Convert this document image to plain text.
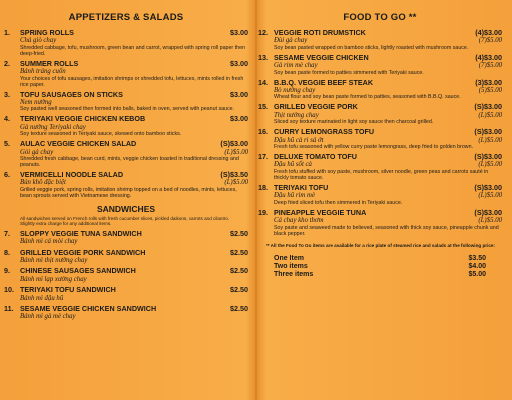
APPETIZERS & SALADS
1.	SPRING ROLLS	$3.00
Chả giò chay
Shredded cabbage, tofu, mushroom, green bean and carrot, wrapped with spring roll paper then deep-fried.
2.	SUMMER ROLLS	$3.00
Bánh tráng cuốn
Your choices of tofu sausages, imitation shrimps or shredded tofu, lettuces, mints rolled in fresh rice paper.
3.	TOFU SAUSAGES ON STICKS	$3.00
Nem nướng
Soy pasted well seasoned then formed into balls, baked in oven, served with peanut sauce.
4.	TERIYAKI VEGGIE CHICKEN KEBOB	$3.00
Gà nướng Teriyaki chay
Soy texture seasoned in Teriyaki sauce, skewed onto bamboo sticks.
5.	AULAC VEGGIE CHICKEN SALAD	(S)$3.00
Gỏi gà chay	(L)$5.00
Shredded fresh cabbage, bean curd, mints, veggie chicken toasted in traditional dressing and peanuts.
6.	VERMICELLI NOODLE SALAD	(S)$3.50
Bún khô đặc biệt	(L)$5.00
Grilled veggie pork, spring rolls, imitation shrimp topped on a bed of noodles, mints, lettuces, bean sprouts served with Vietnamese dressing.
SANDWICHES
All sandwiches served on French rolls with fresh cucumber slices, pickled daikons, carrots and cilantro.
Slightly extra charge for any additional items.
7.	SLOPPY VEGGIE TUNA SANDWICH	$2.50
Bánh mì cá mòi chay
8.	GRILLED VEGGIE PORK SANDWICH	$2.50
Bánh mì thịt nướng chay
9.	CHINESE SAUSAGES SANDWICH	$2.50
Bánh mì lạp xưởng chay
10. TERIYAKI TOFU SANDWICH	$2.50
Bánh mì đậu hũ
11. SESAME VEGGIE CHICKEN SANDWICH	$2.50
Bánh mì gà mè chay
FOOD TO GO **
12. VEGGIE ROTI DRUMSTICK	(4)$3.00
Đùi gà chay	(7)$5.00
Soy bean pasted wrapped on bamboo sticks, lightly roasted with mushroom sauce.
13. SESAME VEGGIE CHICKEN	(4)$3.00
Gà rim mè chay	(7)$5.00
Soy bean paste formed to patties simmered with Teriyaki sauce.
14. B.B.Q. VEGGIE BEEF STEAK	(3)$3.00
Bò nướng chay	(5)$5.00
Wheat flour and soy bean paste formed to patties, seasoned with B.B.Q. sauce.
15. GRILLED VEGGIE PORK	(S)$3.00
Thịt nướng chay	(L)$5.00
Sliced soy texture marinated in light soy sauce then charcoal grilled.
16. CURRY LEMONGRASS TOFU	(S)$3.00
Đậu hũ cà ri sả ớt	(L)$5.00
Fresh tofu seasoned with yellow curry paste lemongrass, deep fried to golden brown.
17. DELUXE TOMATO TOFU	(S)$3.00
Đậu hũ sốt cà	(L)$5.00
Fresh tofu stuffed with soy paste, mushroom, silver noodle, green peas and carrots sauté in thickly tomato sauce.
18. TERIYAKI TOFU	(S)$3.00
Đậu hũ rim mè	(L)$5.00
Deep fried sliced tofu then simmered in Teriyaki sauce.
19. PINEAPPLE VEGGIE TUNA	(S)$3.00
Cá chay kho thơm	(L)$5.00
Soy paste and seaweed made to believed, seasoned with thick soy sauce, pineapple chunk and black pepper.
** All the Food To Go items are available for a rice plate of steamed rice and salads at the following price:
One Item	$3.50
Two items	$4.00
Three items	$5.00
